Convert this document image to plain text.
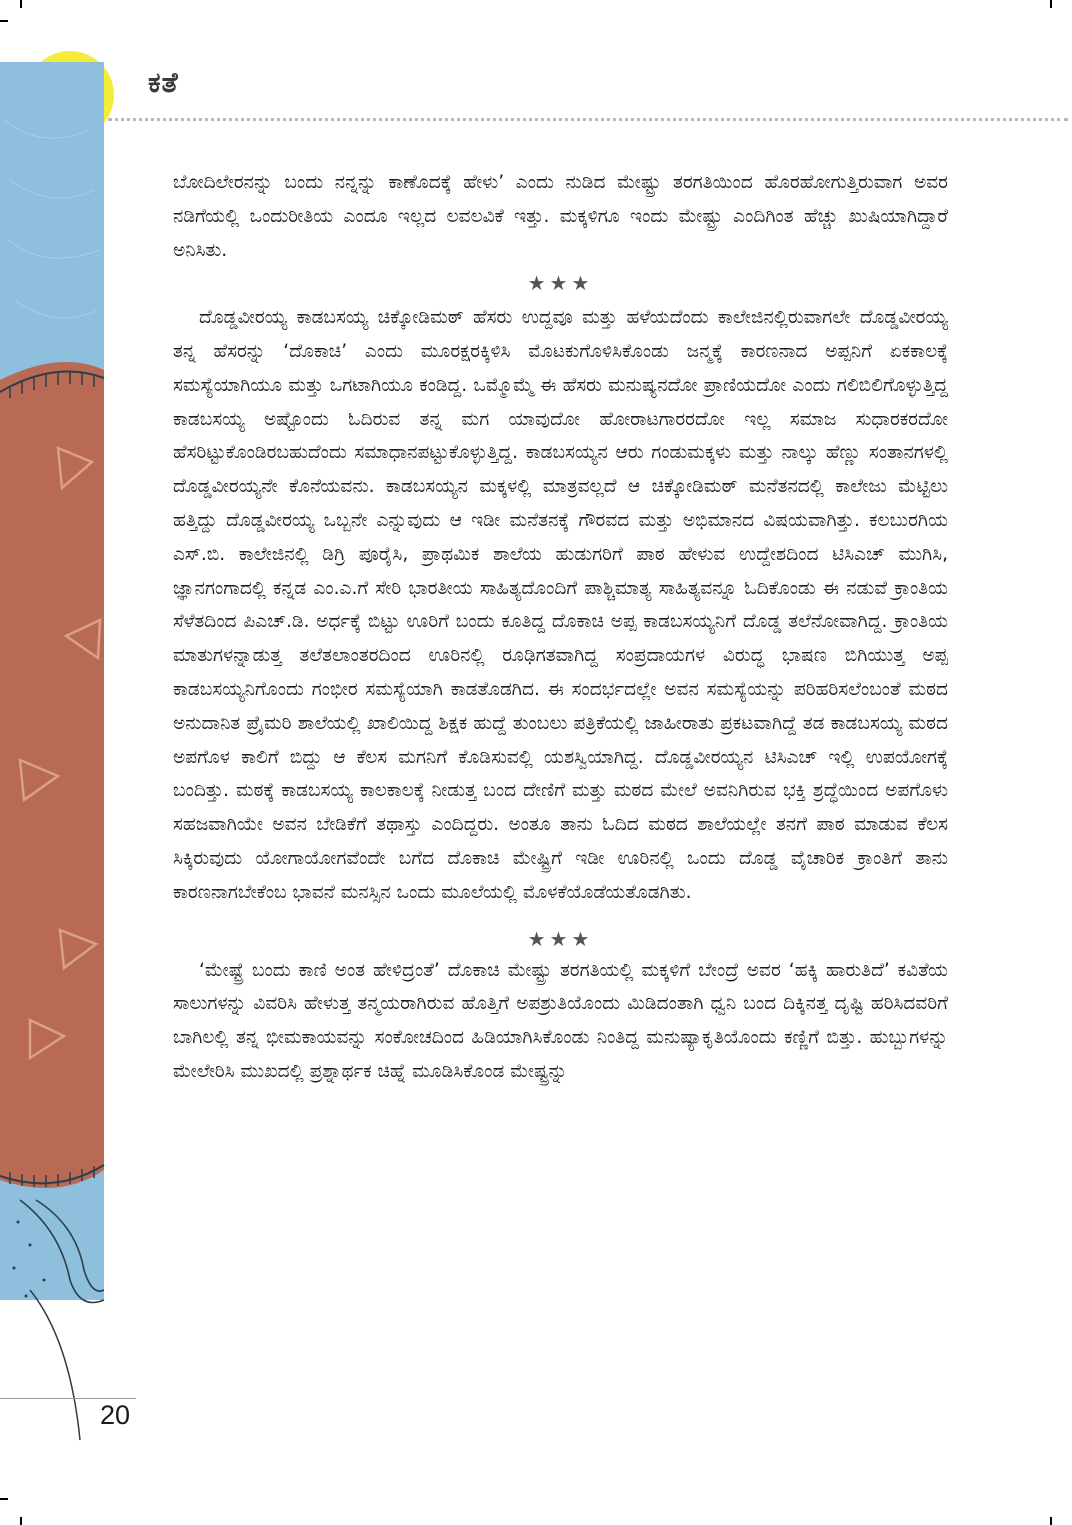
ಕತೆ

ಬೋದಿಲೇರನನ್ನು ಬಂದು ನನ್ನನ್ನು ಕಾಣೊದಕ್ಕೆ ಹೇಳು’ ಎಂದು ನುಡಿದ ಮೇಷ್ಟ್ರು ತರಗತಿಯಿಂದ ಹೊರಹೋಗುತ್ತಿರುವಾಗ ಅವರ ನಡಿಗೆಯಲ್ಲಿ ಒಂದುರೀತಿಯ ಎಂದೂ ಇಲ್ಲದ ಲವಲವಿಕೆ ಇತ್ತು. ಮಕ್ಕಳಿಗೂ ಇಂದು ಮೇಷ್ಟ್ರು ಎಂದಿಗಿಂತ ಹೆಚ್ಚು ಖುಷಿಯಾಗಿದ್ದಾರೆ ಅನಿಸಿತು.

★★★

ದೊಡ್ಡವೀರಯ್ಯ ಕಾಡಬಸಯ್ಯ ಚಿಕ್ಕೋಡಿಮಠ್ ಹೆಸರು ಉದ್ದವೂ ಮತ್ತು ಹಳೆಯದೆಂದು ಕಾಲೇಜಿನಲ್ಲಿರುವಾಗಲೇ ದೊಡ್ಡವೀರಯ್ಯ ತನ್ನ ಹೆಸರನ್ನು ‘ದೊಕಾಚಿ’ ಎಂದು ಮೂರಕ್ಷರಕ್ಕಿಳಿಸಿ ಮೊಟಕುಗೊಳಿಸಿಕೊಂಡು ಜನ್ಮಕ್ಕೆ ಕಾರಣನಾದ ಅಪ್ಪನಿಗೆ ಏಕಕಾಲಕ್ಕೆ ಸಮಸ್ಯೆಯಾಗಿಯೂ ಮತ್ತು ಒಗಟಾಗಿಯೂ ಕಂಡಿದ್ದ. ಒಮ್ಮೊಮ್ಮೆ ಈ ಹೆಸರು ಮನುಷ್ಯನದೋ ಪ್ರಾಣಿಯದೋ ಎಂದು ಗಲಿಬಿಲಿಗೊಳ್ಳುತ್ತಿದ್ದ ಕಾಡಬಸಯ್ಯ ಅಷ್ಟೊಂದು ಓದಿರುವ ತನ್ನ ಮಗ ಯಾವುದೋ ಹೋರಾಟಗಾರರದೋ ಇಲ್ಲ ಸಮಾಜ ಸುಧಾರಕರದೋ ಹೆಸರಿಟ್ಟುಕೊಂಡಿರಬಹುದೆಂದು ಸಮಾಧಾನಪಟ್ಟುಕೊಳ್ಳುತ್ತಿದ್ದ. ಕಾಡಬಸಯ್ಯನ ಆರು ಗಂಡುಮಕ್ಕಳು ಮತ್ತು ನಾಲ್ಕು ಹೆಣ್ಣು ಸಂತಾನಗಳಲ್ಲಿ ದೊಡ್ಡವೀರಯ್ಯನೇ ಕೊನೆಯವನು. ಕಾಡಬಸಯ್ಯನ ಮಕ್ಕಳಲ್ಲಿ ಮಾತ್ರವಲ್ಲದೆ ಆ ಚಿಕ್ಕೋಡಿಮಠ್ ಮನೆತನದಲ್ಲಿ ಕಾಲೇಜು ಮೆಟ್ಟಿಲು ಹತ್ತಿದ್ದು ದೊಡ್ಡವೀರಯ್ಯ ಒಬ್ಬನೇ ಎನ್ನುವುದು ಆ ಇಡೀ ಮನೆತನಕ್ಕೆ ಗೌರವದ ಮತ್ತು ಅಭಿಮಾನದ ವಿಷಯವಾಗಿತ್ತು. ಕಲಬುರಗಿಯ ಎಸ್.ಬಿ. ಕಾಲೇಜಿನಲ್ಲಿ ಡಿಗ್ರಿ ಪೂರೈಸಿ, ಪ್ರಾಥಮಿಕ ಶಾಲೆಯ ಹುಡುಗರಿಗೆ ಪಾಠ ಹೇಳುವ ಉದ್ದೇಶದಿಂದ ಟಿಸಿಎಚ್ ಮುಗಿಸಿ, ಜ್ಞಾನಗಂಗಾದಲ್ಲಿ ಕನ್ನಡ ಎಂ.ಎ.ಗೆ ಸೇರಿ ಭಾರತೀಯ ಸಾಹಿತ್ಯದೊಂದಿಗೆ ಪಾಶ್ಚಿಮಾತ್ಯ ಸಾಹಿತ್ಯವನ್ನೂ ಓದಿಕೊಂಡು ಈ ನಡುವೆ ಕ್ರಾಂತಿಯ ಸೆಳೆತದಿಂದ ಪಿಎಚ್.ಡಿ. ಅರ್ಧಕ್ಕೆ ಬಿಟ್ಟು ಊರಿಗೆ ಬಂದು ಕೂತಿದ್ದ ದೊಕಾಚಿ ಅಪ್ಪ ಕಾಡಬಸಯ್ಯನಿಗೆ ದೊಡ್ಡ ತಲೆನೋವಾಗಿದ್ದ. ಕ್ರಾಂತಿಯ ಮಾತುಗಳನ್ನಾಡುತ್ತ ತಲೆತಲಾಂತರದಿಂದ ಊರಿನಲ್ಲಿ ರೂಢಿಗತವಾಗಿದ್ದ ಸಂಪ್ರದಾಯಗಳ ವಿರುದ್ಧ ಭಾಷಣ ಬಿಗಿಯುತ್ತ ಅಪ್ಪ ಕಾಡಬಸಯ್ಯನಿಗೊಂದು ಗಂಭೀರ ಸಮಸ್ಯೆಯಾಗಿ ಕಾಡತೊಡಗಿದ. ಈ ಸಂದರ್ಭದಲ್ಲೇ ಅವನ ಸಮಸ್ಯೆಯನ್ನು ಪರಿಹರಿಸಲೆಂಬಂತೆ ಮಠದ ಅನುದಾನಿತ ಪ್ರೈಮರಿ ಶಾಲೆಯಲ್ಲಿ ಖಾಲಿಯಿದ್ದ ಶಿಕ್ಷಕ ಹುದ್ದೆ ತುಂಬಲು ಪತ್ರಿಕೆಯಲ್ಲಿ ಜಾಹೀರಾತು ಪ್ರಕಟವಾಗಿದ್ದೆ ತಡ ಕಾಡಬಸಯ್ಯ ಮಠದ ಅಪಗೊಳ ಕಾಲಿಗೆ ಬಿದ್ದು ಆ ಕೆಲಸ ಮಗನಿಗೆ ಕೊಡಿಸುವಲ್ಲಿ ಯಶಸ್ವಿಯಾಗಿದ್ದ. ದೊಡ್ಡವೀರಯ್ಯನ ಟಿಸಿಎಚ್ ಇಲ್ಲಿ ಉಪಯೋಗಕ್ಕೆ ಬಂದಿತ್ತು. ಮಠಕ್ಕೆ ಕಾಡಬಸಯ್ಯ ಕಾಲಕಾಲಕ್ಕೆ ನೀಡುತ್ತ ಬಂದ ದೇಣಿಗೆ ಮತ್ತು ಮಠದ ಮೇಲೆ ಅವನಿಗಿರುವ ಭಕ್ತಿ ಶ್ರದ್ಧೆಯಿಂದ ಅಪಗೊಳು ಸಹಜವಾಗಿಯೇ ಅವನ ಬೇಡಿಕೆಗೆ ತಥಾಸ್ತು ಎಂದಿದ್ದರು. ಅಂತೂ ತಾನು ಓದಿದ ಮಠದ ಶಾಲೆಯಲ್ಲೇ ತನಗೆ ಪಾಠ ಮಾಡುವ ಕೆಲಸ ಸಿಕ್ಕಿರುವುದು ಯೋಗಾಯೋಗವೆಂದೇ ಬಗೆದ ದೊಕಾಚಿ ಮೇಷ್ಟ್ರಿಗೆ ಇಡೀ ಊರಿನಲ್ಲಿ ಒಂದು ದೊಡ್ಡ ವೈಚಾರಿಕ ಕ್ರಾಂತಿಗೆ ತಾನು ಕಾರಣನಾಗಬೇಕೆಂಬ ಭಾವನೆ ಮನಸ್ಸಿನ ಒಂದು ಮೂಲೆಯಲ್ಲಿ ಮೊಳಕೆಯೊಡೆಯತೊಡಗಿತು.

★★★

‘ಮೇಷ್ಟ್ರೆ ಬಂದು ಕಾಣಿ ಅಂತ ಹೇಳಿದ್ರಂತೆ’ ದೊಕಾಚಿ ಮೇಷ್ಟ್ರು ತರಗತಿಯಲ್ಲಿ ಮಕ್ಕಳಿಗೆ ಬೇಂದ್ರೆ ಅವರ ‘ಹಕ್ಕಿ ಹಾರುತಿದೆ’ ಕವಿತೆಯ ಸಾಲುಗಳನ್ನು ವಿವರಿಸಿ ಹೇಳುತ್ತ ತನ್ಮಯರಾಗಿರುವ ಹೊತ್ತಿಗೆ ಅಪಶ್ರುತಿಯೊಂದು ಮಿಡಿದಂತಾಗಿ ಧ್ವನಿ ಬಂದ ದಿಕ್ಕಿನತ್ತ ದೃಷ್ಟಿ ಹರಿಸಿದವರಿಗೆ ಬಾಗಿಲಲ್ಲಿ ತನ್ನ ಭೀಮಕಾಯವನ್ನು ಸಂಕೋಚದಿಂದ ಹಿಡಿಯಾಗಿಸಿಕೊಂಡು ನಿಂತಿದ್ದ ಮನುಷ್ಯಾಕೃತಿಯೊಂದು ಕಣ್ಣಿಗೆ ಬಿತ್ತು. ಹುಬ್ಬುಗಳನ್ನು ಮೇಲೇರಿಸಿ ಮುಖದಲ್ಲಿ ಪ್ರಶ್ನಾರ್ಥಕ ಚಿಹ್ನೆ ಮೂಡಿಸಿಕೊಂಡ ಮೇಷ್ಟ್ರನ್ನು

20
